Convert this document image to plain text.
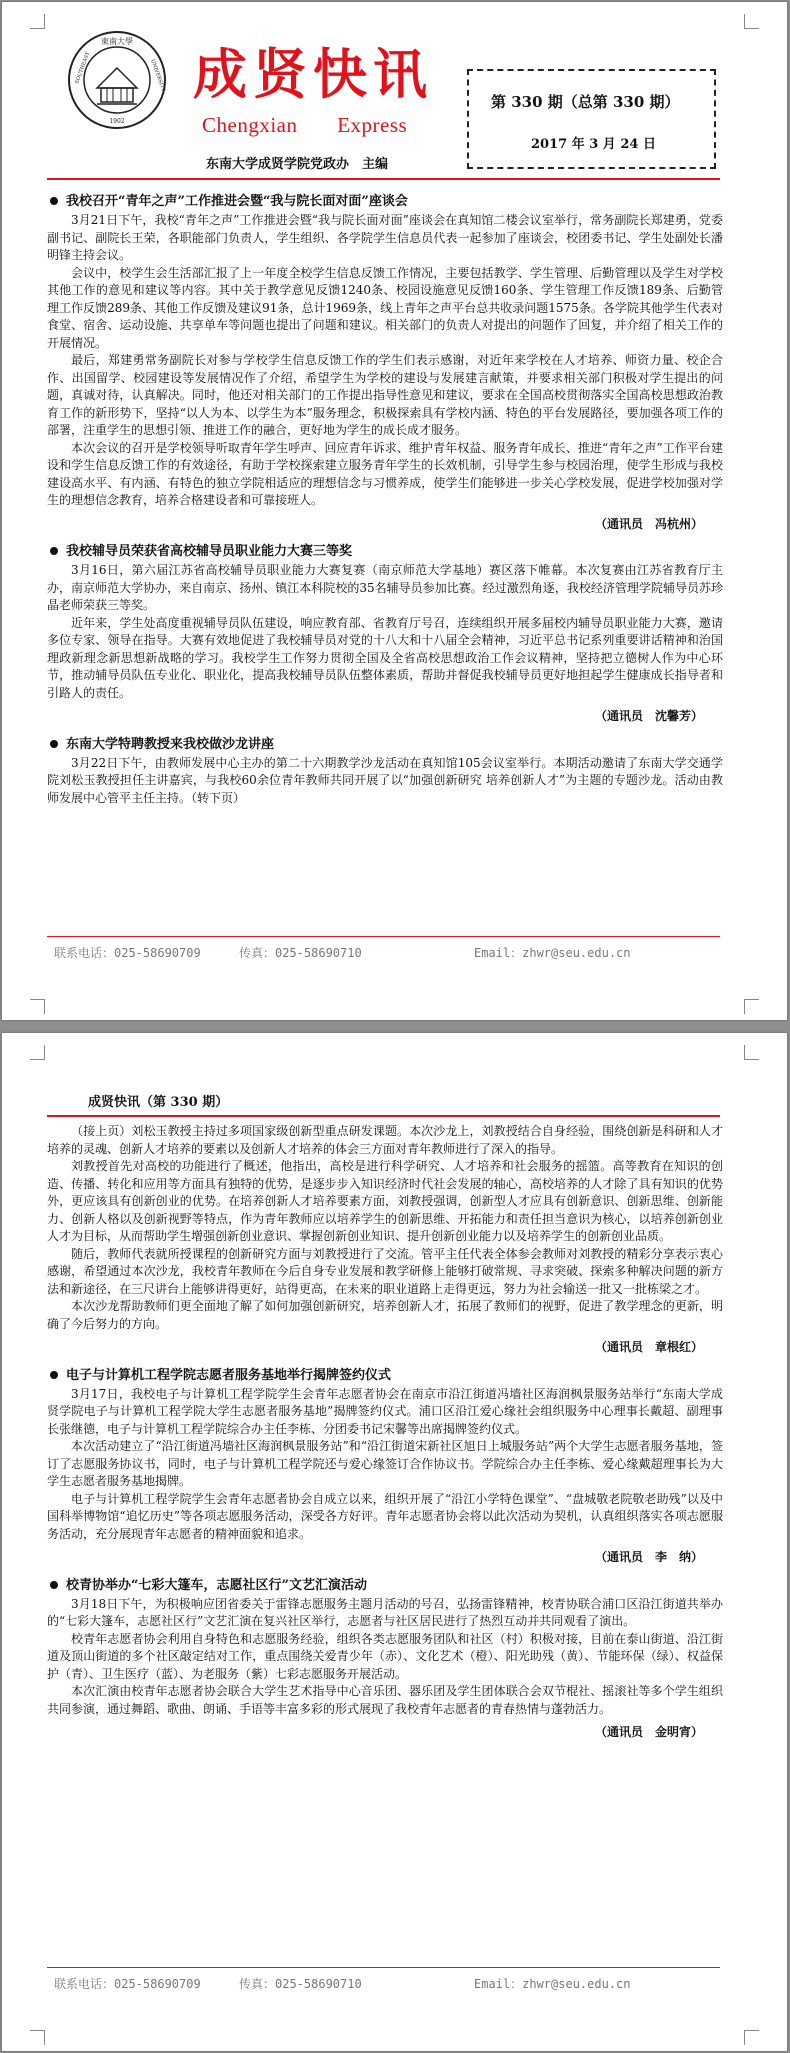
東南大學
1902
SOUTHEAST	UNIVERSITY 成贤快讯
Chengxian Express
东南大学成贤学院党政办　主编
第 330 期（总第 330 期）
2017 年 3 月 24 日
我校召开“青年之声”工作推进会暨“我与院长面对面”座谈会

3月21日下午，我校“青年之声”工作推进会暨“我与院长面对面”座谈会在真知馆二楼会议室举行，常务副院长郑建勇，党委副书记、副院长王荣，各职能部门负责人，学生组织、各学院学生信息员代表一起参加了座谈会，校团委书记、学生处副处长潘明锋主持会议。

会议中，校学生会生活部汇报了上一年度全校学生信息反馈工作情况，主要包括教学、学生管理、后勤管理以及学生对学校其他工作的意见和建议等内容。其中关于教学意见反馈1240条、校园设施意见反馈160条、学生管理工作反馈189条、后勤管理工作反馈289条、其他工作反馈及建议91条，总计1969条，线上青年之声平台总共收录问题1575条。各学院其他学生代表对食堂、宿舍、运动设施、共享单车等问题也提出了问题和建议。相关部门的负责人对提出的问题作了回复，并介绍了相关工作的开展情况。

最后，郑建勇常务副院长对参与学校学生信息反馈工作的学生们表示感谢，对近年来学校在人才培养、师资力量、校企合作、出国留学、校园建设等发展情况作了介绍，希望学生为学校的建设与发展建言献策，并要求相关部门积极对学生提出的问题，真诚对待，认真解决。同时，他还对相关部门的工作提出指导性意见和建议，要求在全国高校贯彻落实全国高校思想政治教育工作的新形势下，坚持“以人为本、以学生为本”服务理念，积极探索具有学校内涵、特色的平台发展路径，要加强各项工作的部署，注重学生的思想引领、推进工作的融合，更好地为学生的成长成才服务。

本次会议的召开是学校领导听取青年学生呼声、回应青年诉求、维护青年权益、服务青年成长、推进“青年之声”工作平台建设和学生信息反馈工作的有效途径，有助于学校探索建立服务青年学生的长效机制，引导学生参与校园治理，使学生形成与我校建设高水平、有内涵、有特色的独立学院相适应的理想信念与习惯养成，使学生们能够进一步关心学校发展，促进学校加强对学生的理想信念教育，培养合格建设者和可靠接班人。

（通讯员　冯杭州）
我校辅导员荣获省高校辅导员职业能力大赛三等奖

3月16日，第六届江苏省高校辅导员职业能力大赛复赛（南京师范大学基地）赛区落下帷幕。本次复赛由江苏省教育厅主办，南京师范大学协办，来自南京、扬州、镇江本科院校的35名辅导员参加比赛。经过激烈角逐，我校经济管理学院辅导员苏珍晶老师荣获三等奖。

近年来，学生处高度重视辅导员队伍建设，响应教育部、省教育厅号召，连续组织开展多届校内辅导员职业能力大赛，邀请多位专家、领导在指导。大赛有效地促进了我校辅导员对党的十八大和十八届全会精神，习近平总书记系列重要讲话精神和治国理政新理念新思想新战略的学习。我校学生工作努力贯彻全国及全省高校思想政治工作会议精神，坚持把立德树人作为中心环节，推动辅导员队伍专业化、职业化，提高我校辅导员队伍整体素质，帮助并督促我校辅导员更好地担起学生健康成长指导者和引路人的责任。

（通讯员　沈馨芳）
东南大学特聘教授来我校做沙龙讲座

3月22日下午，由教师发展中心主办的第二十六期教学沙龙活动在真知馆105会议室举行。本期活动邀请了东南大学交通学院刘松玉教授担任主讲嘉宾，与我校60余位青年教师共同开展了以“加强创新研究 培养创新人才”为主题的专题沙龙。活动由教师发展中心管平主任主持。（转下页）

联系电话：025-58690709	传真：025-58690710	Email：zhwr@seu.edu.cn
成贤快讯（第 330 期）

（接上页）刘松玉教授主持过多项国家级创新型重点研发课题。本次沙龙上，刘教授结合自身经验，围绕创新是科研和人才培养的灵魂、创新人才培养的要素以及创新人才培养的体会三方面对青年教师进行了深入的指导。

刘教授首先对高校的功能进行了概述，他指出，高校是进行科学研究、人才培养和社会服务的摇篮。高等教育在知识的创造、传播、转化和应用等方面具有独特的优势，是逐步步入知识经济时代社会发展的轴心，高校培养的人才除了具有知识的优势外，更应该具有创新创业的优势。在培养创新人才培养要素方面，刘教授强调，创新型人才应具有创新意识、创新思维、创新能力、创新人格以及创新视野等特点，作为青年教师应以培养学生的创新思维、开拓能力和责任担当意识为核心，以培养创新创业人才为目标，从而帮助学生增强创新创业意识、掌握创新创业知识、提升创新创业能力以及培养学生的创新创业品质。

随后，教师代表就所授课程的创新研究方面与刘教授进行了交流。管平主任代表全体参会教师对刘教授的精彩分享表示衷心感谢，希望通过本次沙龙，我校青年教师在今后自身专业发展和教学研修上能够打破常规、寻求突破、探索多种解决问题的新方法和新途径，在三尺讲台上能够讲得更好，站得更高，在未来的职业道路上走得更远，努力为社会输送一批又一批栋梁之才。

本次沙龙帮助教师们更全面地了解了如何加强创新研究，培养创新人才，拓展了教师们的视野，促进了教学理念的更新，明确了今后努力的方向。

（通讯员　章根红）
电子与计算机工程学院志愿者服务基地举行揭牌签约仪式

3月17日，我校电子与计算机工程学院学生会青年志愿者协会在南京市沿江街道冯墙社区海润枫景服务站举行“东南大学成贤学院电子与计算机工程学院大学生志愿者服务基地”揭牌签约仪式。浦口区沿江爱心缘社会组织服务中心理事长戴超、副理事长张继德，电子与计算机工程学院综合办主任李栋、分团委书记宋馨等出席揭牌签约仪式。

本次活动建立了“沿江街道冯墙社区海润枫景服务站”和“沿江街道宋新社区旭日上城服务站”两个大学生志愿者服务基地，签订了志愿服务协议书，同时，电子与计算机工程学院还与爱心缘签订合作协议书。学院综合办主任李栋、爱心缘戴超理事长为大学生志愿者服务基地揭牌。

电子与计算机工程学院学生会青年志愿者协会自成立以来，组织开展了“沿江小学特色课堂”、“盘城敬老院敬老助残”以及中国科举博物馆“追忆历史”等各项志愿服务活动，深受各方好评。青年志愿者协会将以此次活动为契机，认真组织落实各项志愿服务活动，充分展现青年志愿者的精神面貌和追求。

（通讯员　李　纳）
校青协举办“七彩大篷车，志愿社区行”文艺汇演活动

3月18日下午，为积极响应团省委关于雷锋志愿服务主题月活动的号召，弘扬雷锋精神，校青协联合浦口区沿江街道共举办的“七彩大篷车，志愿社区行”文艺汇演在复兴社区举行，志愿者与社区居民进行了热烈互动并共同观看了演出。

校青年志愿者协会利用自身特色和志愿服务经验，组织各类志愿服务团队和社区（村）积极对接，目前在泰山街道、沿江街道及顶山街道的多个社区敲定结对工作，重点围绕关爱青少年（赤）、文化艺术（橙）、阳光助残（黄）、节能环保（绿）、权益保护（青）、卫生医疗（蓝）、为老服务（紫）七彩志愿服务开展活动。

本次汇演由校青年志愿者协会联合大学生艺术指导中心音乐团、器乐团及学生团体联合会双节棍社、摇滚社等多个学生组织共同参演，通过舞蹈、歌曲、朗诵、手语等丰富多彩的形式展现了我校青年志愿者的青春热情与蓬勃活力。

（通讯员　金明宵）
联系电话：025-58690709	传真：025-58690710	Email：zhwr@seu.edu.cn
